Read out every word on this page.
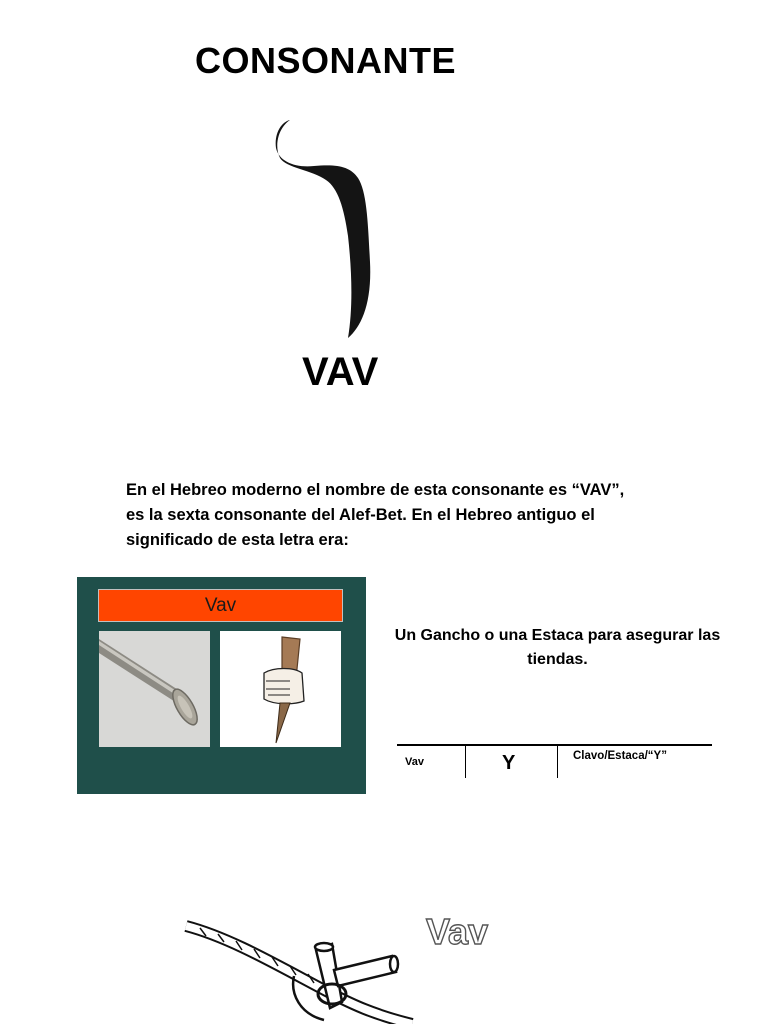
CONSONANTE
VAV
En el Hebreo moderno el nombre de esta consonante es “VAV”,
es la sexta consonante del Alef-Bet. En el Hebreo antiguo el
significado de esta letra era:
Vav
Un Gancho o una Estaca para asegurar las
tiendas.
Vav	Y	Clavo/Estaca/“Y”
Vav
